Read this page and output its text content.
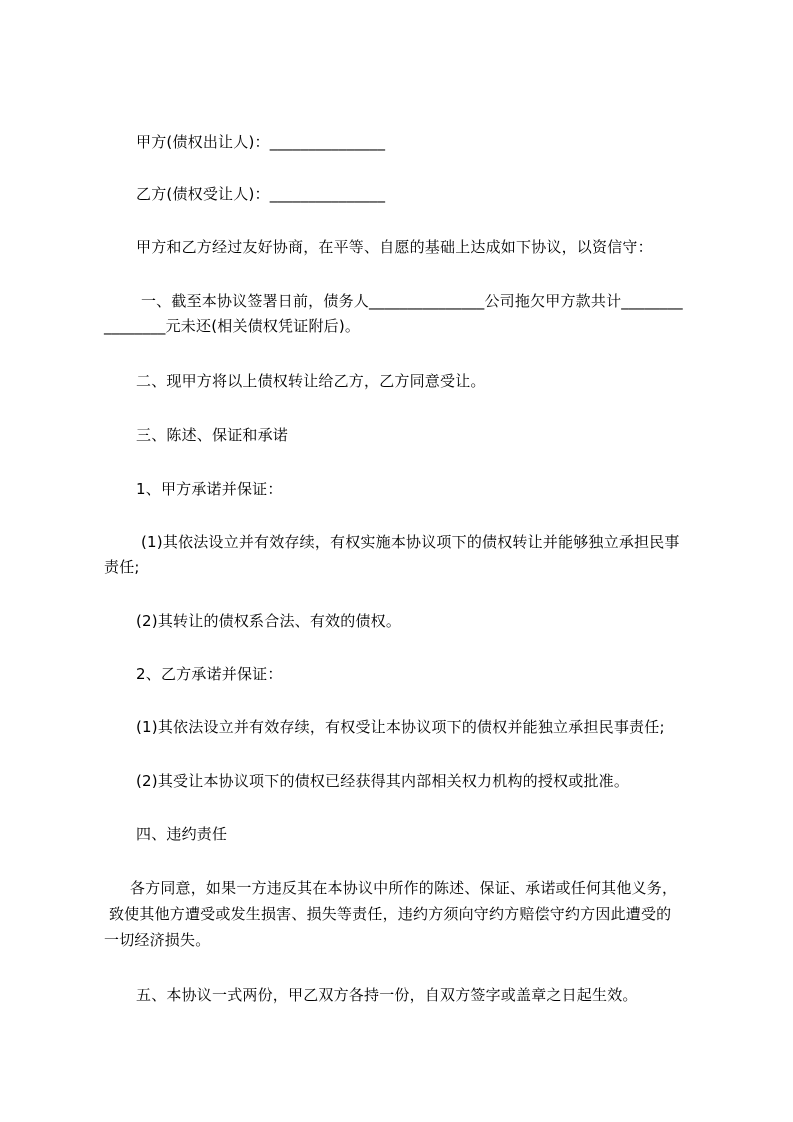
甲方(债权出让人)：_______________
乙方(债权受让人)：_______________
甲方和乙方经过友好协商，在平等、自愿的基础上达成如下协议，以资信守：
一、截至本协议签署日前，债务人_______________公司拖欠甲方款共计________
________元未还(相关债权凭证附后)。
二、现甲方将以上债权转让给乙方，乙方同意受让。
三、陈述、保证和承诺
1、甲方承诺并保证：
(1)其依法设立并有效存续，有权实施本协议项下的债权转让并能够独立承担民事
责任;
(2)其转让的债权系合法、有效的债权。
2、乙方承诺并保证：
(1)其依法设立并有效存续，有权受让本协议项下的债权并能独立承担民事责任;
(2)其受让本协议项下的债权已经获得其内部相关权力机构的授权或批准。
四、违约责任
各方同意，如果一方违反其在本协议中所作的陈述、保证、承诺或任何其他义务，
致使其他方遭受或发生损害、损失等责任，违约方须向守约方赔偿守约方因此遭受的
一切经济损失。
五、本协议一式两份，甲乙双方各持一份，自双方签字或盖章之日起生效。
